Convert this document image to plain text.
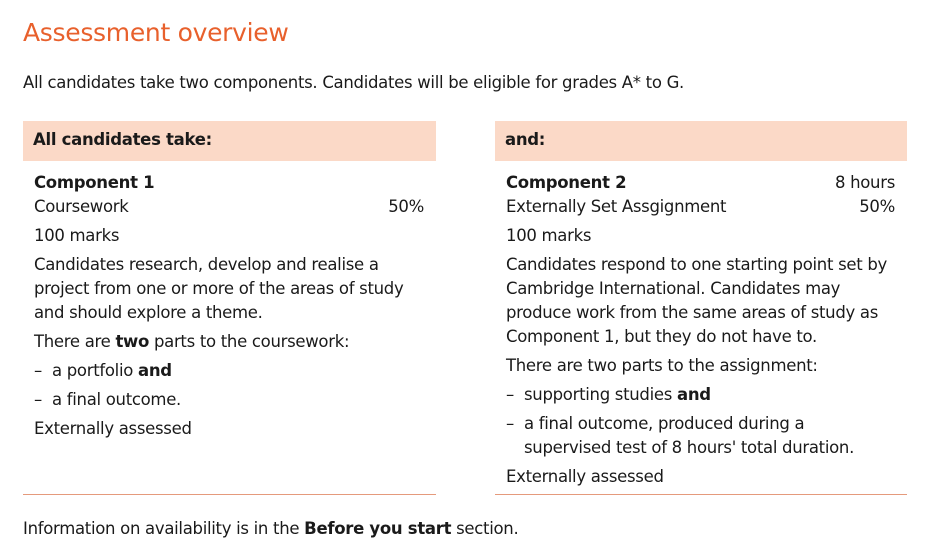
Assessment overview
All candidates take two components. Candidates will be eligible for grades A* to G.
All candidates take:
Component 1
Coursework	50%
100 marks
Candidates research, develop and realise a project from one or more of the areas of study and should explore a theme.
There are two parts to the coursework:
– a portfolio and
– a final outcome.
Externally assessed
and:
Component 2	8 hours
Externally Set Assgignment	50%
100 marks
Candidates respond to one starting point set by Cambridge International. Candidates may produce work from the same areas of study as Component 1, but they do not have to.
There are two parts to the assignment:
– supporting studies and
– a final outcome, produced during a supervised test of 8 hours' total duration.
Externally assessed
Information on availability is in the Before you start section.
